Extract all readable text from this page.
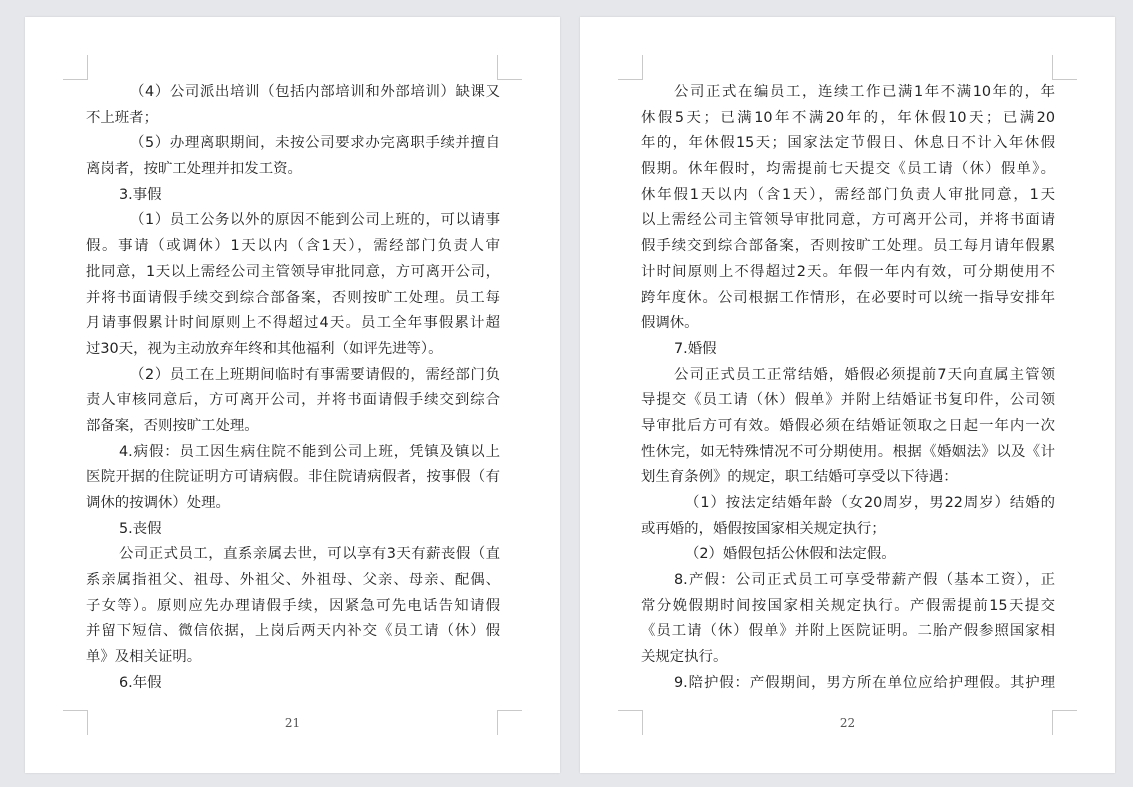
（4）公司派出培训（包括内部培训和外部培训）缺课又
不上班者；
（5）办理离职期间，未按公司要求办完离职手续并擅自
离岗者，按旷工处理并扣发工资。
3.事假
（1）员工公务以外的原因不能到公司上班的，可以请事
假。事请（或调休）1天以内（含1天），需经部门负责人审
批同意，1天以上需经公司主管领导审批同意，方可离开公司，
并将书面请假手续交到综合部备案，否则按旷工处理。员工每
月请事假累计时间原则上不得超过4天。员工全年事假累计超
过30天，视为主动放弃年终和其他福利（如评先进等）。
（2）员工在上班期间临时有事需要请假的，需经部门负
责人审核同意后，方可离开公司，并将书面请假手续交到综合
部备案，否则按旷工处理。
4.病假：员工因生病住院不能到公司上班，凭镇及镇以上
医院开据的住院证明方可请病假。非住院请病假者，按事假（有
调休的按调休）处理。
5.丧假
公司正式员工，直系亲属去世，可以享有3天有薪丧假（直
系亲属指祖父、祖母、外祖父、外祖母、父亲、母亲、配偶、
子女等）。原则应先办理请假手续，因紧急可先电话告知请假
并留下短信、微信依据，上岗后两天内补交《员工请（休）假
单》及相关证明。
6.年假
21
公司正式在编员工，连续工作已满1年不满10年的，年
休假5天；已满10年不满20年的，年休假10天；已满20
年的，年休假15天；国家法定节假日、休息日不计入年休假
假期。休年假时，均需提前七天提交《员工请（休）假单》。
休年假1天以内（含1天），需经部门负责人审批同意，1天
以上需经公司主管领导审批同意，方可离开公司，并将书面请
假手续交到综合部备案，否则按旷工处理。员工每月请年假累
计时间原则上不得超过2天。年假一年内有效，可分期使用不
跨年度休。公司根据工作情形，在必要时可以统一指导安排年
假调休。
7.婚假
公司正式员工正常结婚，婚假必须提前7天向直属主管领
导提交《员工请（休）假单》并附上结婚证书复印件，公司领
导审批后方可有效。婚假必须在结婚证领取之日起一年内一次
性休完，如无特殊情况不可分期使用。根据《婚姻法》以及《计
划生育条例》的规定，职工结婚可享受以下待遇：
（1）按法定结婚年龄（女20周岁，男22周岁）结婚的
或再婚的，婚假按国家相关规定执行；
（2）婚假包括公休假和法定假。
8.产假：公司正式员工可享受带薪产假（基本工资），正
常分娩假期时间按国家相关规定执行。产假需提前15天提交
《员工请（休）假单》并附上医院证明。二胎产假参照国家相
关规定执行。
9.陪护假：产假期间，男方所在单位应给护理假。其护理
22
